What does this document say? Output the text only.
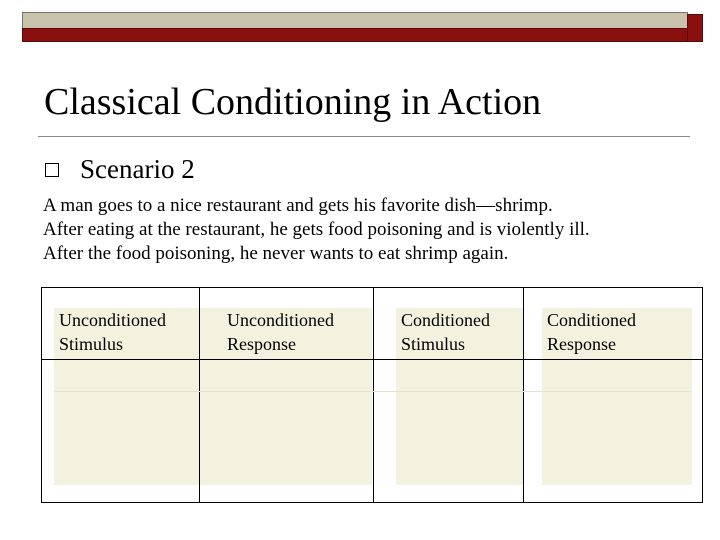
Classical Conditioning in Action
Scenario 2
A man goes to a nice restaurant and gets his favorite dish—shrimp.
After eating at the restaurant, he gets food poisoning and is violently ill.
After the food poisoning, he never wants to eat shrimp again.
Unconditioned
Stimulus
Unconditioned
Response
Conditioned
Stimulus
Conditioned
Response
